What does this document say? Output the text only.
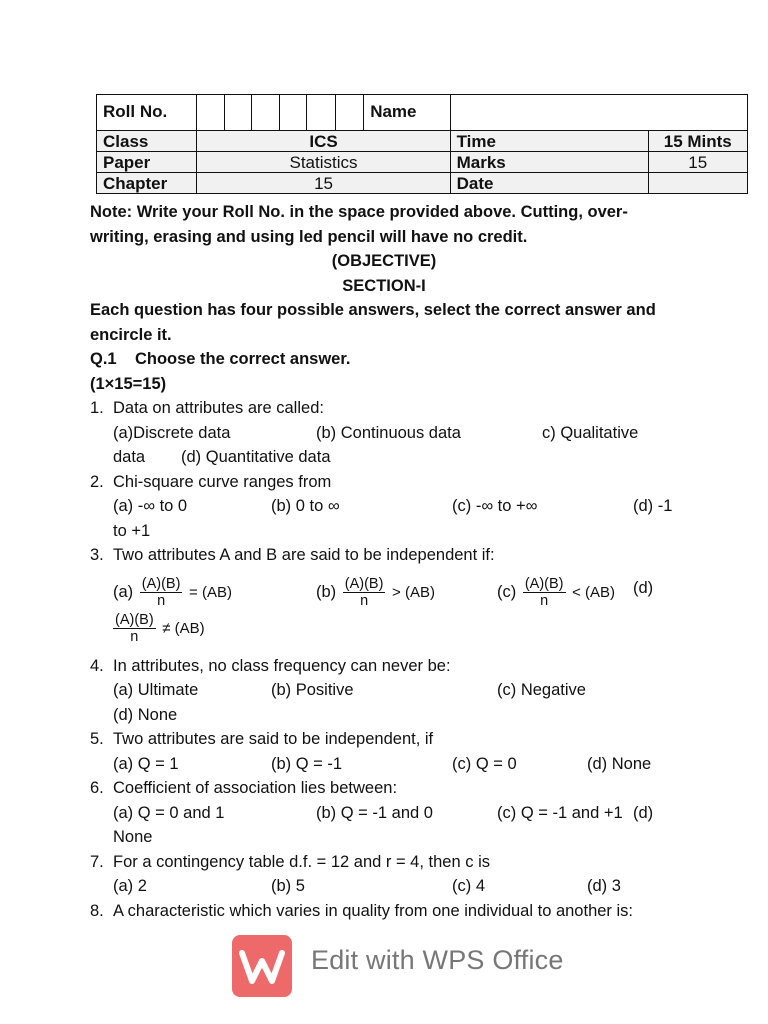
Roll No.							Name		
Class	ICS							Time	15 Mints
Paper	Statistics							Marks	15
Chapter	15							Date	
Note: Write your Roll No. in the space provided above. Cutting, over-
writing, erasing and using led pencil will have no credit.
(OBJECTIVE)
SECTION-I
Each question has four possible answers, select the correct answer and
encircle it.
Q.1 Choose the correct answer.
(1×15=15)
1. Data on attributes are called:
(a)Discrete data	(b) Continuous data	c) Qualitative
data (d) Quantitative data
2. Chi-square curve ranges from
(a) -∞ to 0	(b) 0 to ∞	(c) -∞ to +∞	(d) -1
to +1
3. Two attributes A and B are said to be independent if:
$(a) \frac{(A)(B)}{n} = (AB)$	$(b) \frac{(A)(B)}{n} > (AB)$	$(c) \frac{(A)(B)}{n} < (AB)$ (d)
$\frac{(A)(B)}{n} \ne (AB)$
4. In attributes, no class frequency can never be:
(a) Ultimate	(b) Positive	(c) Negative
(d) None
5. Two attributes are said to be independent, if
(a) Q = 1	(b) Q = -1	(c) Q = 0	(d) None
6. Coefficient of association lies between:
(a) Q = 0 and 1	(b) Q = -1 and 0	(c) Q = -1 and +1 (d)
None
7. For a contingency table d.f. = 12 and r = 4, then c is
(a) 2	(b) 5	(c) 4	(d) 3
8. A characteristic which varies in quality from one individual to another is:
Edit with WPS Office
